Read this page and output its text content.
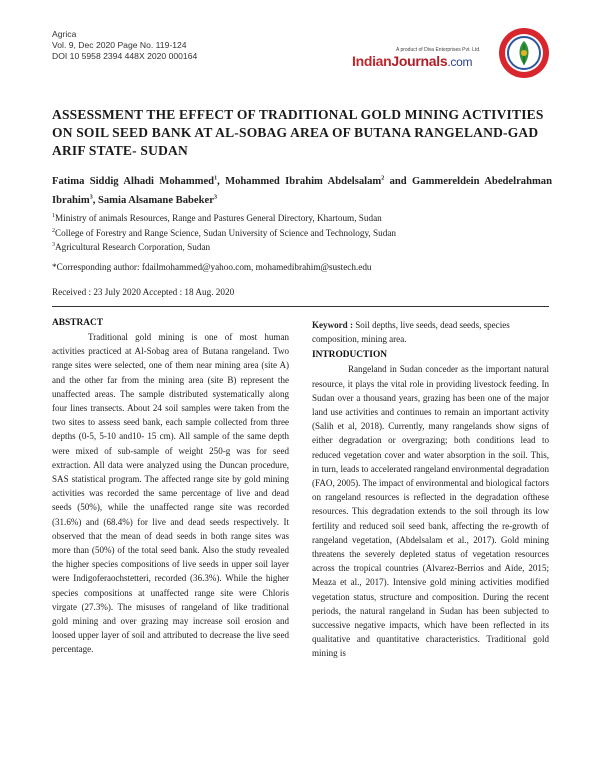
Agrica
Vol. 9, Dec 2020 Page No. 119-124
DOI 10 5958 2394 448X 2020 000164
A product of Diva Enterprises Pvt. Ltd.
IndianJournals.com
ASSESSMENT THE EFFECT OF TRADITIONAL GOLD MINING ACTIVITIES ON SOIL SEED BANK AT AL-SOBAG AREA OF BUTANA RANGELAND-GAD ARIF STATE- SUDAN
Fatima Siddig Alhadi Mohammed$^1$, Mohammed Ibrahim Abdelsalam$^2$ and Gammereldein Abedelrahman Ibrahim$^3$, Samia Alsamane Babeker$^3$
$^1$Ministry of animals Resources, Range and Pastures General Directory, Khartoum, Sudan
$^2$College of Forestry and Range Science, Sudan University of Science and Technology, Sudan
$^3$Agricultural Research Corporation, Sudan
*Corresponding author: fdailmohammed@yahoo.com, mohamedibrahim@sustech.edu
Received : 23 July 2020 Accepted : 18 Aug. 2020
ABSTRACT

Traditional gold mining is one of most human activities practiced at Al-Sobag area of Butana rangeland. Two range sites were selected, one of them near mining area (site A) and the other far from the mining area (site B) represent the unaffected areas. The sample distributed systematically along four lines transects. About 24 soil samples were taken from the two sites to assess seed bank, each sample collected from three depths (0-5, 5-10 and10- 15 cm). All sample of the same depth were mixed of sub-sample of weight 250-g was for seed extraction. All data were analyzed using the Duncan procedure, SAS statistical program. The affected range site by gold mining activities was recorded the same percentage of live and dead seeds (50%), while the unaffected range site was recorded (31.6%) and (68.4%) for live and dead seeds respectively. It observed that the mean of dead seeds in both range sites was more than (50%) of the total seed bank. Also the study revealed the higher species compositions of live seeds in upper soil layer were Indigoferaochstetteri, recorded (36.3%). While the higher species compositions at unaffected range site were Chloris virgate (27.3%). The misuses of rangeland of like traditional gold mining and over grazing may increase soil erosion and loosed upper layer of soil and attributed to decrease the live seed percentage.

Keyword : Soil depths, live seeds, dead seeds, species composition, mining area.

INTRODUCTION

Rangeland in Sudan conceder as the important natural resource, it plays the vital role in providing livestock feeding. In Sudan over a thousand years, grazing has been one of the major land use activities and continues to remain an important activity (Salih et al, 2018). Currently, many rangelands show signs of either degradation or overgrazing; both conditions lead to reduced vegetation cover and water absorption in the soil. This, in turn, leads to accelerated rangeland environmental degradation (FAO, 2005). The impact of environmental and biological factors on rangeland resources is reflected in the degradation ofthese resources. This degradation extends to the soil through its low fertility and reduced soil seed bank, affecting the re-growth of rangeland vegetation, (Abdelsalam et al., 2017). Gold mining threatens the severely depleted status of vegetation resources across the tropical countries (Alvarez-Berrios and Aide, 2015; Meaza et al., 2017). Intensive gold mining activities modified vegetation status, structure and composition. During the recent periods, the natural rangeland in Sudan has been subjected to successive negative impacts, which have been reflected in its qualitative and quantitative characteristics. Traditional gold mining is
